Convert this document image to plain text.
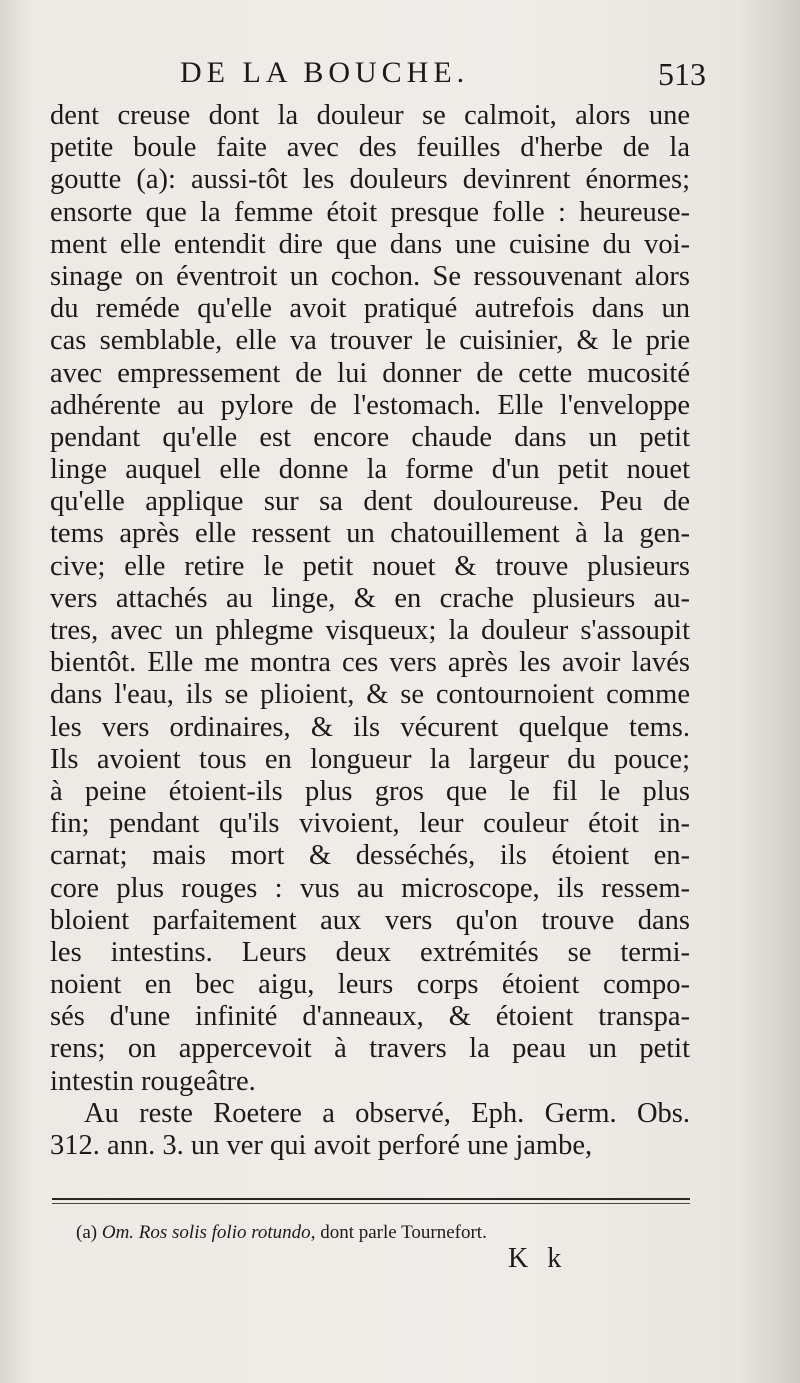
DE LA BOUCHE.	513
dent creuse dont la douleur se calmoit, alors une
petite boule faite avec des feuilles d'herbe de la
goutte (a): aussi-tôt les douleurs devinrent énormes;
ensorte que la femme étoit presque folle : heureuse-
ment elle entendit dire que dans une cuisine du voi-
sinage on éventroit un cochon. Se ressouvenant alors
du reméde qu'elle avoit pratiqué autrefois dans un
cas semblable, elle va trouver le cuisinier, & le prie
avec empressement de lui donner de cette mucosité
adhérente au pylore de l'estomach. Elle l'enveloppe
pendant qu'elle est encore chaude dans un petit
linge auquel elle donne la forme d'un petit nouet
qu'elle applique sur sa dent douloureuse. Peu de
tems après elle ressent un chatouillement à la gen-
cive; elle retire le petit nouet & trouve plusieurs
vers attachés au linge, & en crache plusieurs au-
tres, avec un phlegme visqueux; la douleur s'assoupit
bientôt. Elle me montra ces vers après les avoir lavés
dans l'eau, ils se plioient, & se contournoient comme
les vers ordinaires, & ils vécurent quelque tems.
Ils avoient tous en longueur la largeur du pouce;
à peine étoient-ils plus gros que le fil le plus
fin; pendant qu'ils vivoient, leur couleur étoit in-
carnat; mais mort & desséchés, ils étoient en-
core plus rouges : vus au microscope, ils ressem-
bloient parfaitement aux vers qu'on trouve dans
les intestins. Leurs deux extrémités se termi-
noient en bec aigu, leurs corps étoient compo-
sés d'une infinité d'anneaux, & étoient transpa-
rens; on appercevoit à travers la peau un petit
intestin rougeâtre.
Au reste Roetere a observé, Eph. Germ. Obs.
312. ann. 3. un ver qui avoit perforé une jambe,
(a) Om. Ros solis folio rotundo, dont parle Tournefort.
K k
